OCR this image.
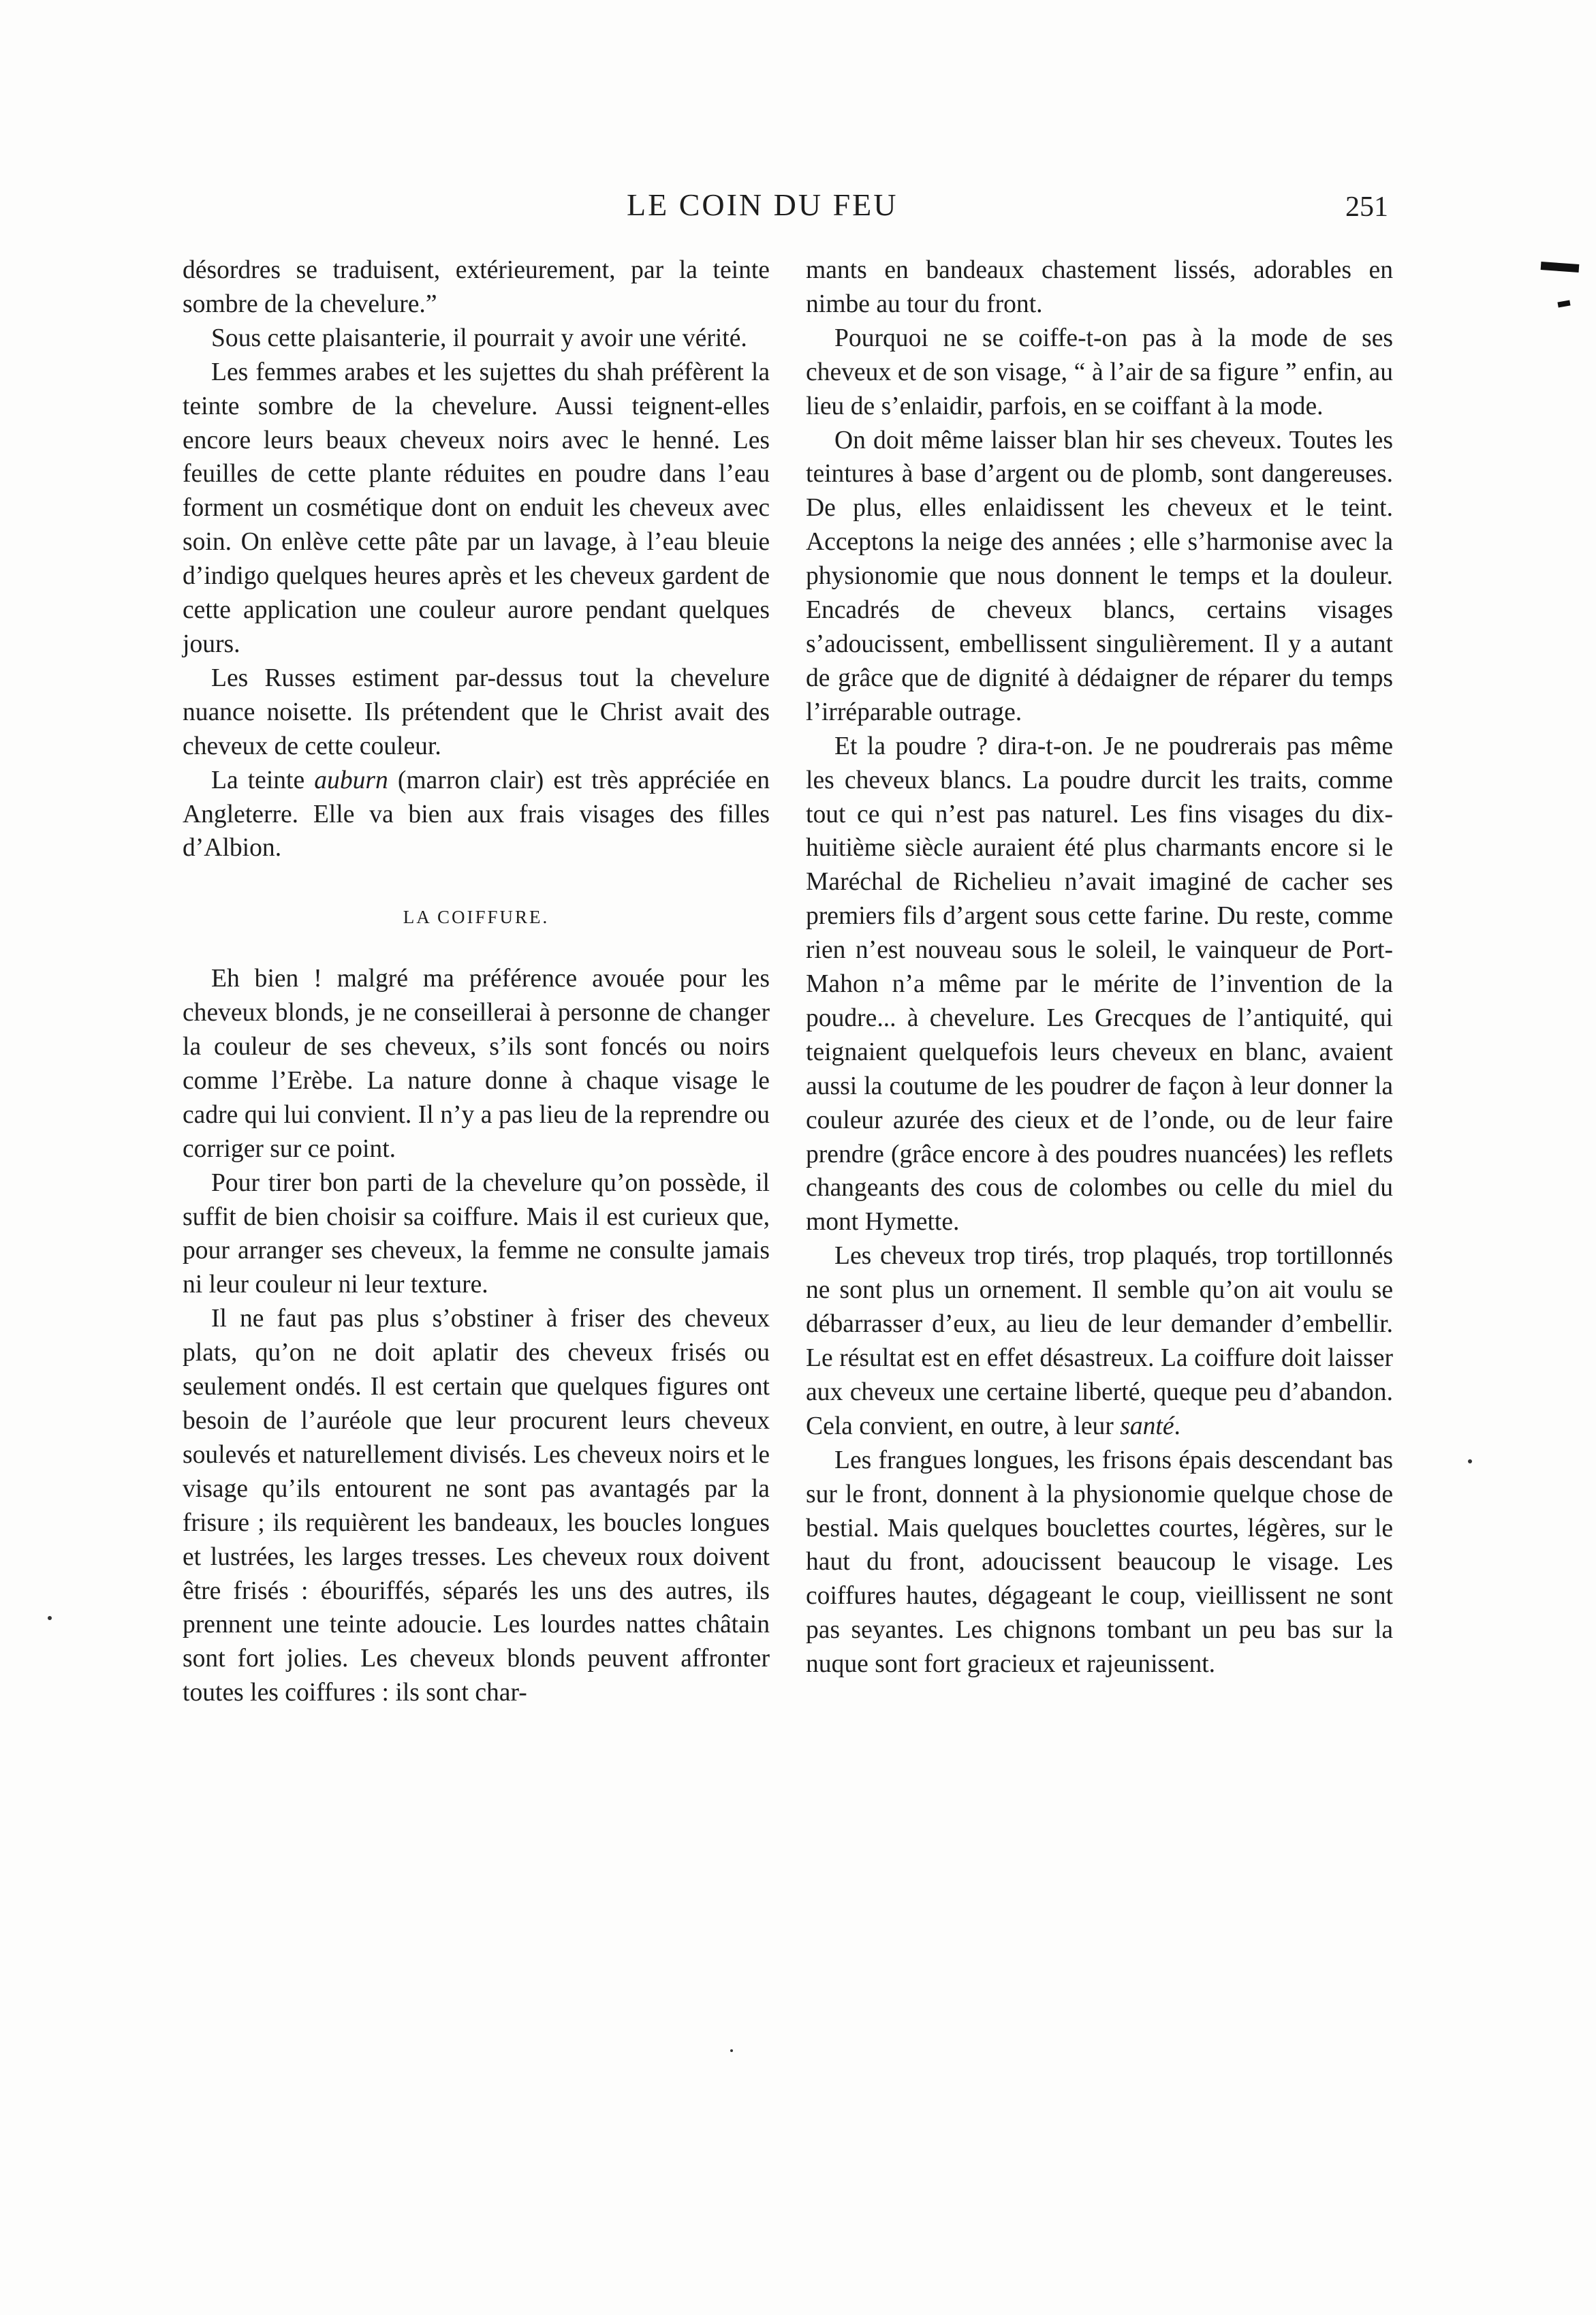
LE COIN DU FEU	251

désordres se traduisent, extérieurement, par la teinte sombre de la chevelure.”

Sous cette plaisanterie, il pourrait y avoir une vérité.

Les femmes arabes et les sujettes du shah préfèrent la teinte sombre de la chevelure. Aussi teignent-elles encore leurs beaux cheveux noirs avec le henné. Les feuilles de cette plante réduites en poudre dans l’eau forment un cosmétique dont on enduit les cheveux avec soin. On enlève cette pâte par un lavage, à l’eau bleuie d’indigo quelques heures après et les cheveux gardent de cette application une couleur aurore pendant quelques jours.

Les Russes estiment par-dessus tout la chevelure nuance noisette. Ils prétendent que le Christ avait des cheveux de cette couleur.

La teinte auburn (marron clair) est très appréciée en Angleterre. Elle va bien aux frais visages des filles d’Albion.

LA COIFFURE.

Eh bien ! malgré ma préférence avouée pour les cheveux blonds, je ne conseillerai à personne de changer la couleur de ses cheveux, s’ils sont foncés ou noirs comme l’Erèbe. La nature donne à chaque visage le cadre qui lui convient. Il n’y a pas lieu de la reprendre ou corriger sur ce point.

Pour tirer bon parti de la chevelure qu’on possède, il suffit de bien choisir sa coiffure. Mais il est curieux que, pour arranger ses cheveux, la femme ne consulte jamais ni leur couleur ni leur texture.

Il ne faut pas plus s’obstiner à friser des cheveux plats, qu’on ne doit aplatir des cheveux frisés ou seulement ondés. Il est certain que quelques figures ont besoin de l’auréole que leur procurent leurs cheveux soulevés et naturellement divisés. Les cheveux noirs et le visage qu’ils entourent ne sont pas avantagés par la frisure ; ils requièrent les bandeaux, les boucles longues et lustrées, les larges tresses. Les cheveux roux doivent être frisés : ébouriffés, séparés les uns des autres, ils prennent une teinte adoucie. Les lourdes nattes châtain sont fort jolies. Les cheveux blonds peuvent affronter toutes les coiffures : ils sont char-

mants en bandeaux chastement lissés, adorables en nimbe au tour du front.

Pourquoi ne se coiffe-t-on pas à la mode de ses cheveux et de son visage, “ à l’air de sa figure ” enfin, au lieu de s’enlaidir, parfois, en se coiffant à la mode.

On doit même laisser blan hir ses cheveux. Toutes les teintures à base d’argent ou de plomb, sont dangereuses. De plus, elles enlaidissent les cheveux et le teint. Acceptons la neige des années ; elle s’harmonise avec la physionomie que nous donnent le temps et la douleur. Encadrés de cheveux blancs, certains visages s’adoucissent, embellissent singulièrement. Il y a autant de grâce que de dignité à dédaigner de réparer du temps l’irréparable outrage.

Et la poudre ? dira-t-on. Je ne poudrerais pas même les cheveux blancs. La poudre durcit les traits, comme tout ce qui n’est pas naturel. Les fins visages du dix-huitième siècle auraient été plus charmants encore si le Maréchal de Richelieu n’avait imaginé de cacher ses premiers fils d’argent sous cette farine. Du reste, comme rien n’est nouveau sous le soleil, le vainqueur de Port-Mahon n’a même par le mérite de l’invention de la poudre... à chevelure. Les Grecques de l’antiquité, qui teignaient quelquefois leurs cheveux en blanc, avaient aussi la coutume de les poudrer de façon à leur donner la couleur azurée des cieux et de l’onde, ou de leur faire prendre (grâce encore à des poudres nuancées) les reflets changeants des cous de colombes ou celle du miel du mont Hymette.

Les cheveux trop tirés, trop plaqués, trop tortillonnés ne sont plus un ornement. Il semble qu’on ait voulu se débarrasser d’eux, au lieu de leur demander d’embellir. Le résultat est en effet désastreux. La coiffure doit laisser aux cheveux une certaine liberté, queque peu d’abandon. Cela convient, en outre, à leur santé.

Les frangues longues, les frisons épais descendant bas sur le front, donnent à la physionomie quelque chose de bestial. Mais quelques bouclettes courtes, légères, sur le haut du front, adoucissent beaucoup le visage. Les coiffures hautes, dégageant le coup, vieillissent ne sont pas seyantes. Les chignons tombant un peu bas sur la nuque sont fort gracieux et rajeunissent.
